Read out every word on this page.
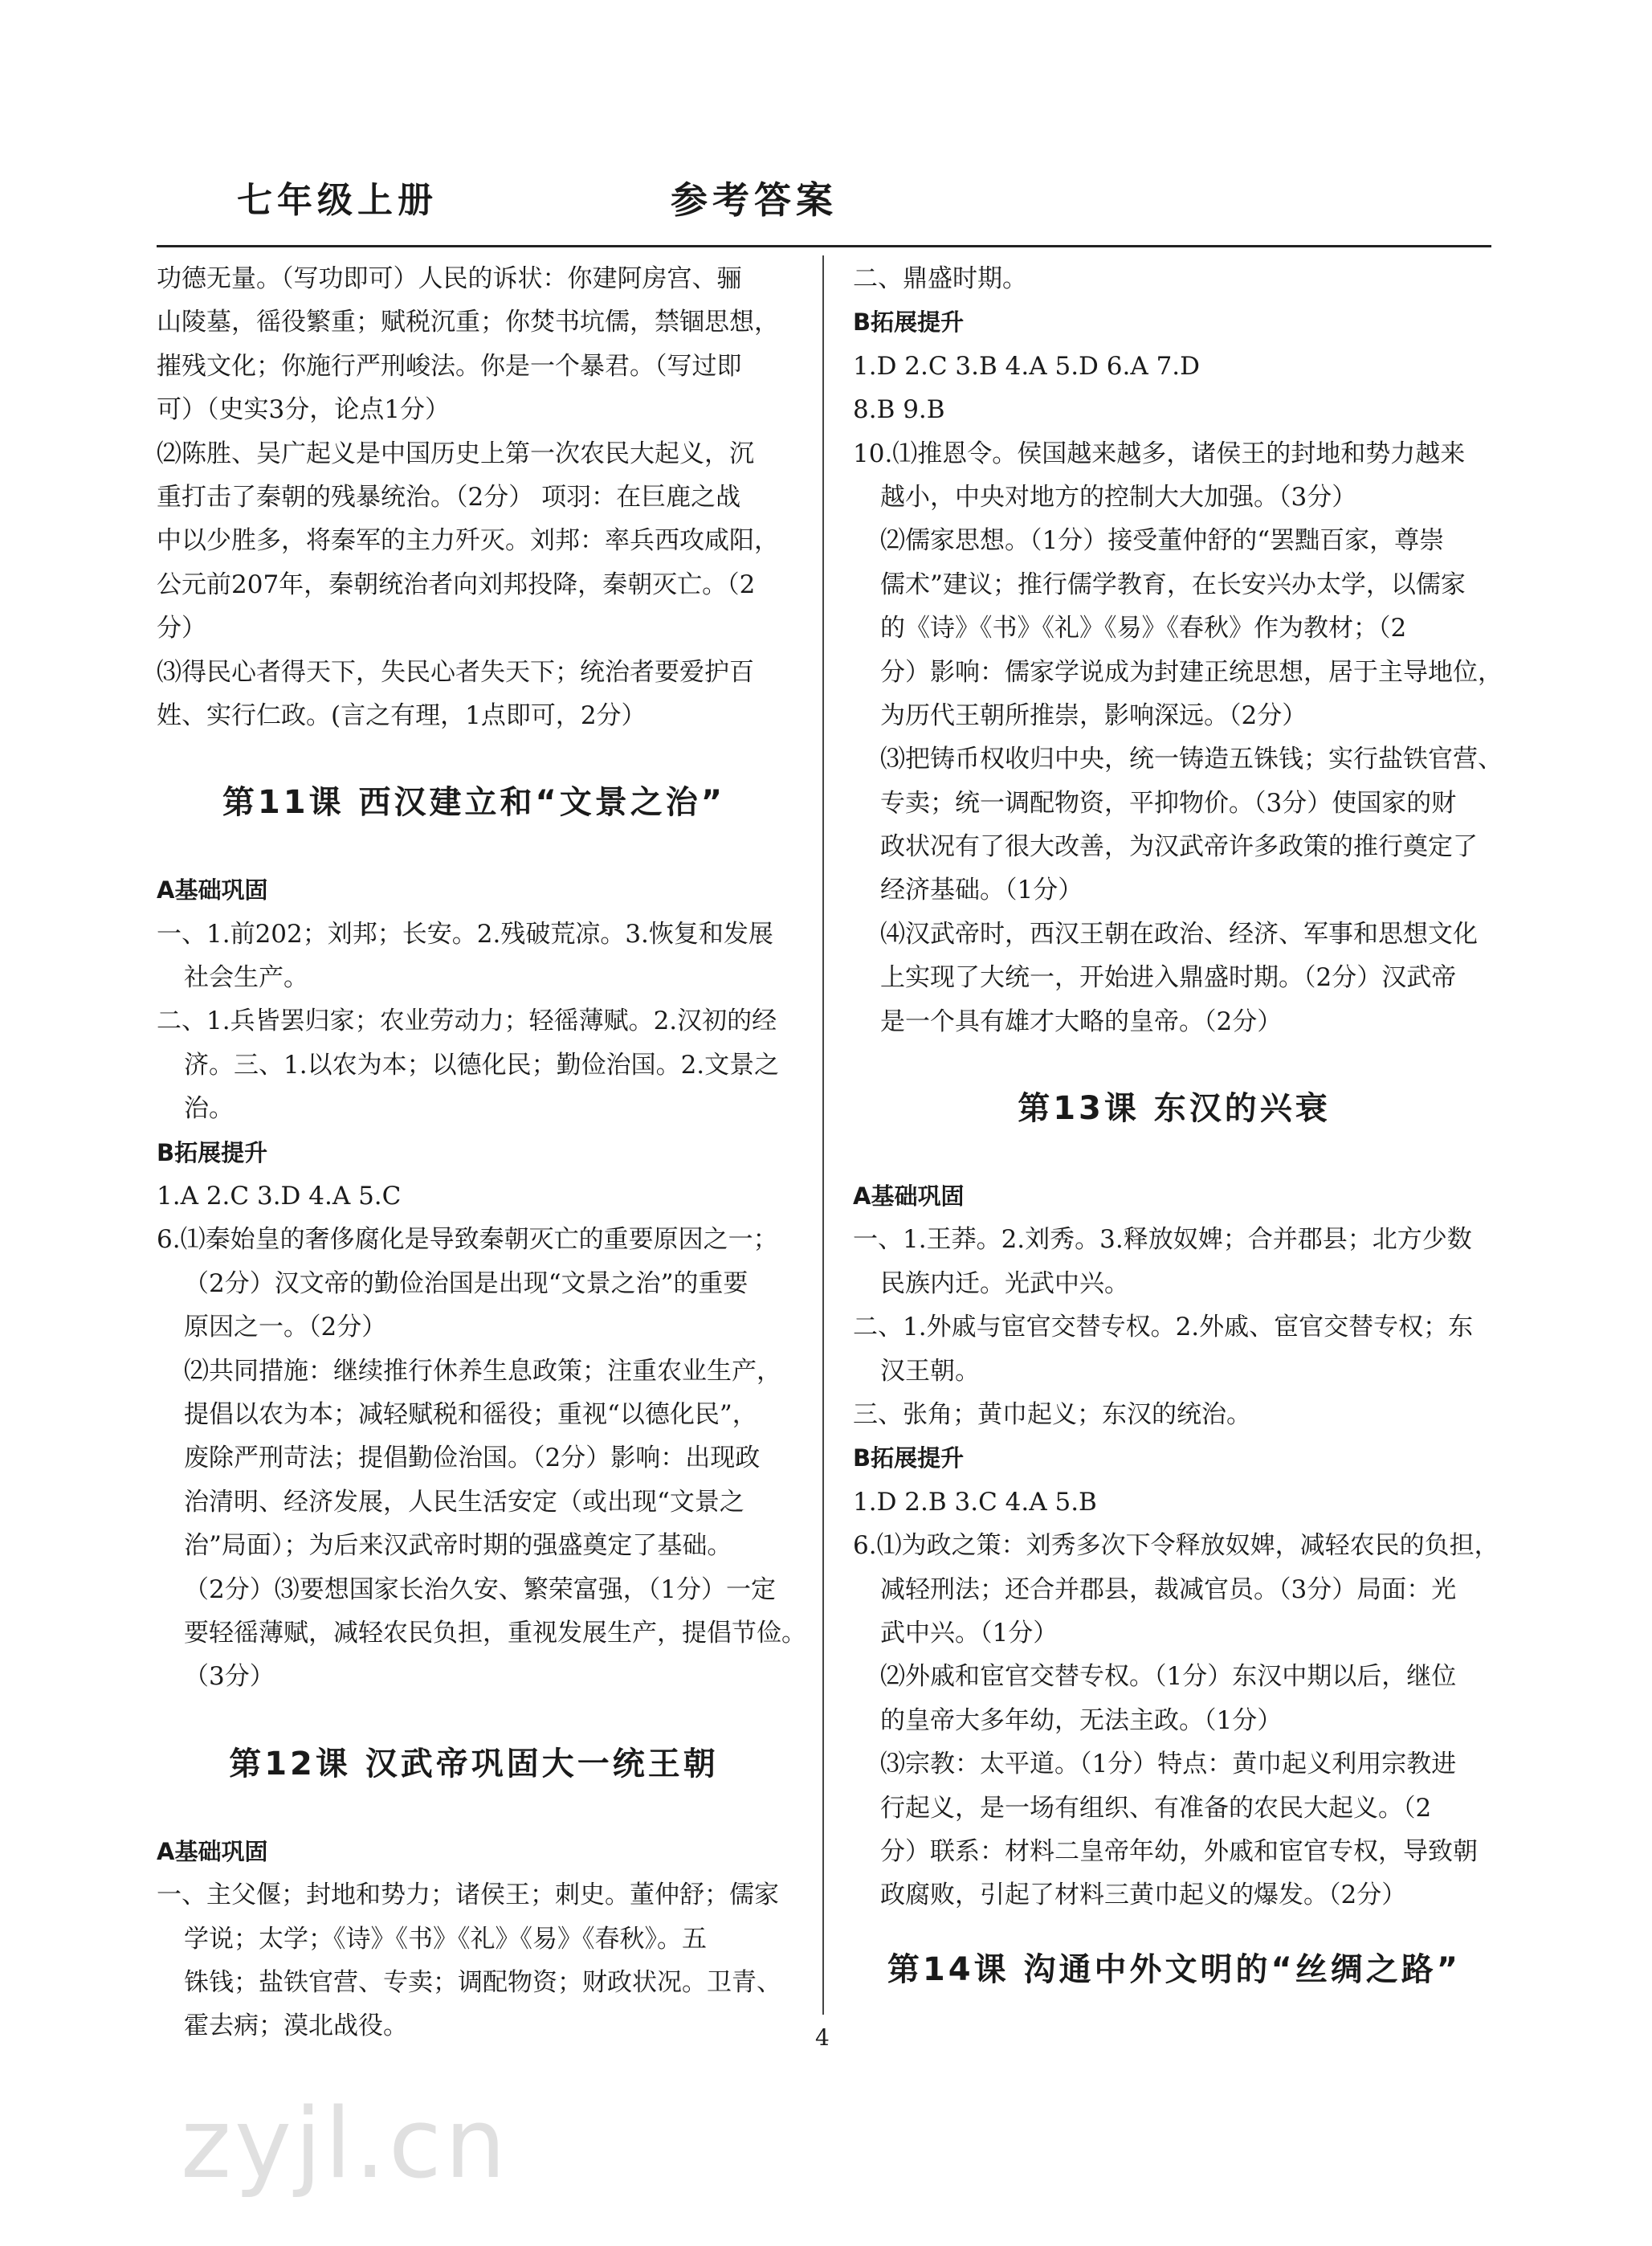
七年级上册	参考答案
功德无量。（写功即可）人民的诉状：你建阿房宫、骊
山陵墓，徭役繁重；赋税沉重；你焚书坑儒，禁锢思想，
摧残文化；你施行严刑峻法。你是一个暴君。（写过即
可）（史实3分，论点1分）
⑵陈胜、吴广起义是中国历史上第一次农民大起义，沉
重打击了秦朝的残暴统治。（2分） 项羽：在巨鹿之战
中以少胜多，将秦军的主力歼灭。刘邦：率兵西攻咸阳，
公元前207年，秦朝统治者向刘邦投降，秦朝灭亡。（2
分）
⑶得民心者得天下，失民心者失天下；统治者要爱护百
姓、实行仁政。(言之有理，1点即可，2分）
第11课 西汉建立和“文景之治”
A基础巩固
一、1.前202；刘邦；长安。2.残破荒凉。3.恢复和发展
社会生产。
二、1.兵皆罢归家；农业劳动力；轻徭薄赋。2.汉初的经
济。三、1.以农为本；以德化民；勤俭治国。2.文景之
治。
B拓展提升
1.A 2.C 3.D 4.A 5.C
6.⑴秦始皇的奢侈腐化是导致秦朝灭亡的重要原因之一；
（2分）汉文帝的勤俭治国是出现“文景之治”的重要
原因之一。（2分）
⑵共同措施：继续推行休养生息政策；注重农业生产，
提倡以农为本；减轻赋税和徭役；重视“以德化民”，
废除严刑苛法；提倡勤俭治国。（2分）影响：出现政
治清明、经济发展，人民生活安定（或出现“文景之
治”局面）；为后来汉武帝时期的强盛奠定了基础。
（2分）⑶要想国家长治久安、繁荣富强，（1分）一定
要轻徭薄赋，减轻农民负担，重视发展生产，提倡节俭。
（3分）
第12课 汉武帝巩固大一统王朝
A基础巩固
一、主父偃；封地和势力；诸侯王；刺史。董仲舒；儒家
学说；太学；《诗》《书》《礼》《易》《春秋》。五
铢钱；盐铁官营、专卖；调配物资；财政状况。卫青、
霍去病；漠北战役。
二、鼎盛时期。
B拓展提升
1.D 2.C 3.B 4.A 5.D 6.A 7.D
8.B 9.B
10.⑴推恩令。侯国越来越多，诸侯王的封地和势力越来
越小，中央对地方的控制大大加强。（3分）
⑵儒家思想。（1分）接受董仲舒的“罢黜百家，尊崇
儒术”建议；推行儒学教育，在长安兴办太学，以儒家
的《诗》《书》《礼》《易》《春秋》作为教材；（2
分）影响：儒家学说成为封建正统思想，居于主导地位，
为历代王朝所推崇，影响深远。（2分）
⑶把铸币权收归中央，统一铸造五铢钱；实行盐铁官营、
专卖；统一调配物资，平抑物价。（3分）使国家的财
政状况有了很大改善，为汉武帝许多政策的推行奠定了
经济基础。（1分）
⑷汉武帝时，西汉王朝在政治、经济、军事和思想文化
上实现了大统一，开始进入鼎盛时期。（2分）汉武帝
是一个具有雄才大略的皇帝。（2分）
第13课 东汉的兴衰
A基础巩固
一、1.王莽。2.刘秀。3.释放奴婢；合并郡县；北方少数
民族内迁。光武中兴。
二、1.外戚与宦官交替专权。2.外戚、宦官交替专权；东
汉王朝。
三、张角；黄巾起义；东汉的统治。
B拓展提升
1.D 2.B 3.C 4.A 5.B
6.⑴为政之策：刘秀多次下令释放奴婢，减轻农民的负担，
减轻刑法；还合并郡县，裁减官员。（3分）局面：光
武中兴。（1分）
⑵外戚和宦官交替专权。（1分）东汉中期以后，继位
的皇帝大多年幼，无法主政。（1分）
⑶宗教：太平道。（1分）特点：黄巾起义利用宗教进
行起义，是一场有组织、有准备的农民大起义。（2
分）联系：材料二皇帝年幼，外戚和宦官专权，导致朝
政腐败，引起了材料三黄巾起义的爆发。（2分）
第14课 沟通中外文明的“丝绸之路”
4
zyjl.cn
